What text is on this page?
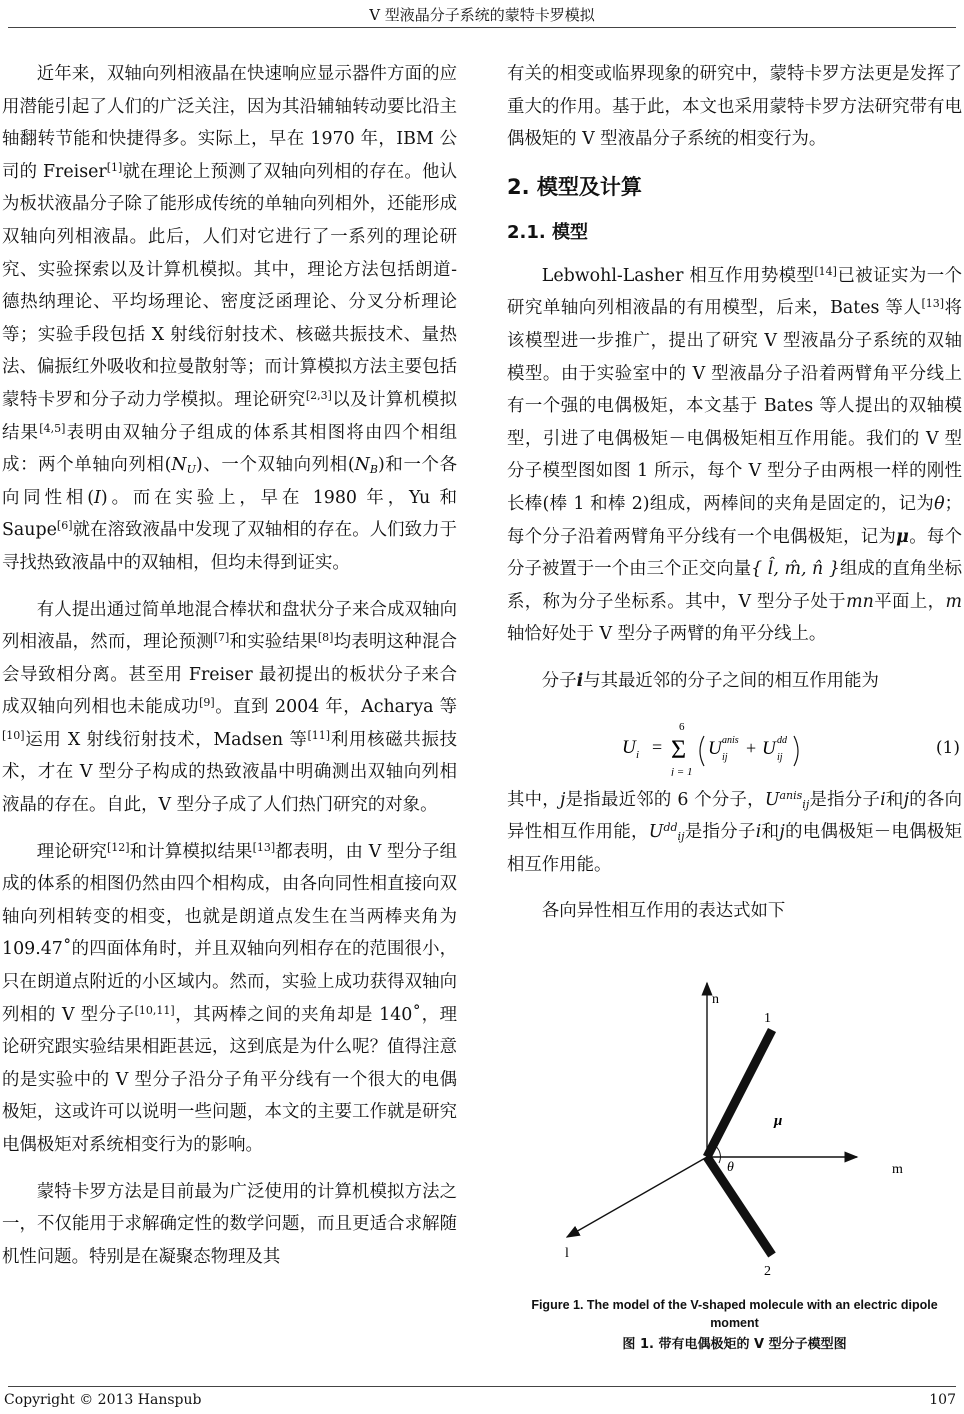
V 型液晶分子系统的蒙特卡罗模拟

近年来，双轴向列相液晶在快速响应显示器件方面的应用潜能引起了人们的广泛关注，因为其沿辅轴转动要比沿主轴翻转节能和快捷得多。实际上，早在 1970 年，IBM 公司的 Freiser[1]就在理论上预测了双轴向列相的存在。他认为板状液晶分子除了能形成传统的单轴向列相外，还能形成双轴向列相液晶。此后，人们对它进行了一系列的理论研究、实验探索以及计算机模拟。其中，理论方法包括朗道-德热纳理论、平均场理论、密度泛函理论、分叉分析理论等；实验手段包括 X 射线衍射技术、核磁共振技术、量热法、偏振红外吸收和拉曼散射等；而计算模拟方法主要包括蒙特卡罗和分子动力学模拟。理论研究[2,3]以及计算机模拟结果[4,5]表明由双轴分子组成的体系其相图将由四个相组成：两个单轴向列相$(N_U)$、一个双轴向列相$(N_B)$和一个各向同性相(I)。而在实验上，早在 1980 年，Yu 和 Saupe[6]就在溶致液晶中发现了双轴相的存在。人们致力于寻找热致液晶中的双轴相，但均未得到证实。

有人提出通过简单地混合棒状和盘状分子来合成双轴向列相液晶，然而，理论预测[7]和实验结果[8]均表明这种混合会导致相分离。甚至用 Freiser 最初提出的板状分子来合成双轴向列相也未能成功[9]。直到 2004 年，Acharya 等[10]运用 X 射线衍射技术，Madsen 等[11]利用核磁共振技术，才在 V 型分子构成的热致液晶中明确测出双轴向列相液晶的存在。自此，V 型分子成了人们热门研究的对象。

理论研究[12]和计算模拟结果[13]都表明，由 V 型分子组成的体系的相图仍然由四个相构成，由各向同性相直接向双轴向列相转变的相变，也就是朗道点发生在当两棒夹角为 109.47˚的四面体角时，并且双轴向列相存在的范围很小，只在朗道点附近的小区域内。然而，实验上成功获得双轴向列相的 V 型分子[10,11]，其两棒之间的夹角却是 140˚，理论研究跟实验结果相距甚远，这到底是为什么呢？值得注意的是实验中的 V 型分子沿分子角平分线有一个很大的电偶极矩，这或许可以说明一些问题，本文的主要工作就是研究电偶极矩对系统相变行为的影响。

蒙特卡罗方法是目前最为广泛使用的计算机模拟方法之一，不仅能用于求解确定性的数学问题，而且更适合求解随机性问题。特别是在凝聚态物理及其

有关的相变或临界现象的研究中，蒙特卡罗方法更是发挥了重大的作用。基于此，本文也采用蒙特卡罗方法研究带有电偶极矩的 V 型液晶分子系统的相变行为。

2. 模型及计算
2.1. 模型

Lebwohl-Lasher 相互作用势模型[14]已被证实为一个研究单轴向列相液晶的有用模型，后来，Bates 等人[13]将该模型进一步推广，提出了研究 V 型液晶分子系统的双轴模型。由于实验室中的 V 型液晶分子沿着两臂角平分线上有一个强的电偶极矩，本文基于 Bates 等人提出的双轴模型，引进了电偶极矩－电偶极矩相互作用能。我们的 V 型分子模型图如图 1 所示，每个 V 型分子由两根一样的刚性长棒(棒 1 和棒 2)组成，两棒间的夹角是固定的，记为θ；每个分子沿着两臂角平分线有一个电偶极矩，记为μ。每个分子被置于一个由三个正交向量{ l̂, m̂, n̂ }组成的直角坐标系，称为分子坐标系。其中，V 型分子处于mn平面上，m轴恰好处于 V 型分子两臂的角平分线上。

分子i与其最近邻的分子之间的相互作用能为

U i =
6
Σ
j = 1
U anis
ij + U dd
ij	(1)

其中，j是指最近邻的 6 个分子，$U^{anis}_{ij}$是指分子i和j的各向异性相互作用能，$U^{dd}_{ij}$是指分子i和j的电偶极矩－电偶极矩相互作用能。

各向异性相互作用的表达式如下

n
m
l
1
2
μ
θ
Figure 1. The model of the V-shaped molecule with an electric dipole moment
图 1. 带有电偶极矩的 V 型分子模型图
Copyright © 2013 Hanspub	107
